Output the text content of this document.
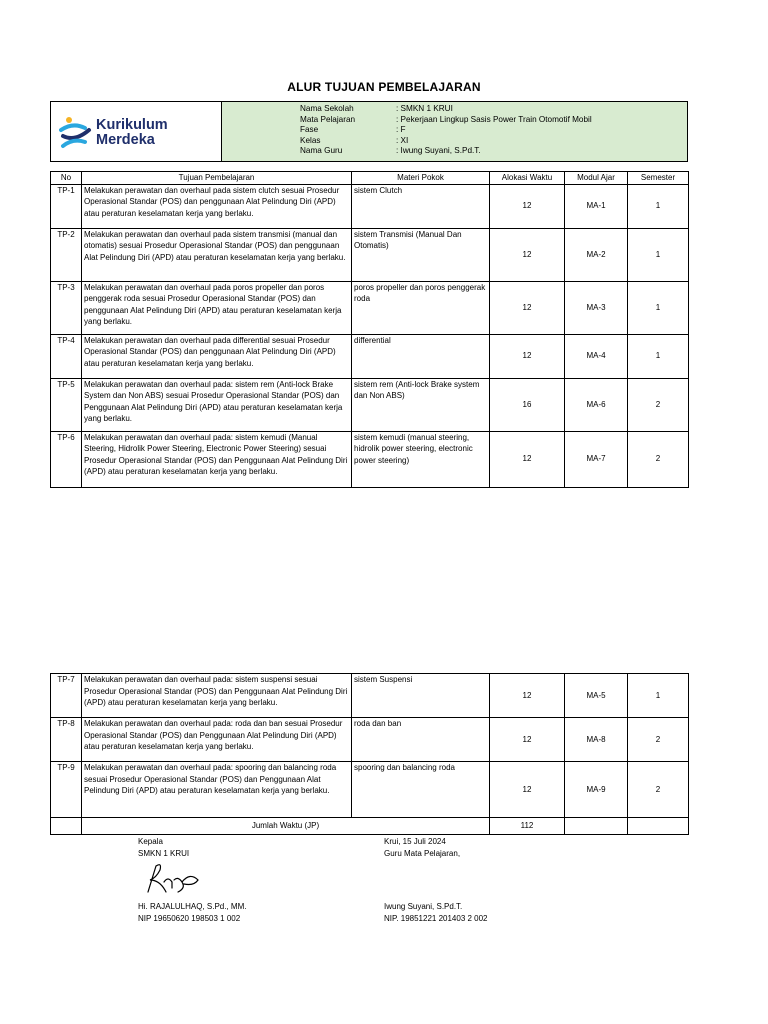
ALUR TUJUAN PEMBELAJARAN
Kurikulum
Merdeka
Nama Sekolah	: SMKN 1 KRUI
Mata Pelajaran	: Pekerjaan Lingkup Sasis Power Train Otomotif Mobil
Fase	: F
Kelas	: XI
Nama Guru	: Iwung Suyani, S.Pd.T.
No	Tujuan Pembelajaran	Materi Pokok	Alokasi Waktu	Modul Ajar	Semester
TP-1	Melakukan perawatan dan overhaul pada sistem clutch sesuai Prosedur Operasional Standar (POS) dan penggunaan Alat Pelindung Diri (APD) atau peraturan keselamatan kerja yang berlaku.	sistem Clutch	12	MA-1	1
TP-2	Melakukan perawatan dan overhaul pada sistem transmisi (manual dan otomatis) sesuai Prosedur Operasional Standar (POS) dan penggunaan Alat Pelindung Diri (APD) atau peraturan keselamatan kerja yang berlaku.	sistem Transmisi (Manual Dan Otomatis)	12	MA-2	1
TP-3	Melakukan perawatan dan overhaul pada poros propeller dan poros penggerak roda sesuai Prosedur Operasional Standar (POS) dan penggunaan Alat Pelindung Diri (APD) atau peraturan keselamatan kerja yang berlaku.	poros propeller dan poros penggerak roda	12	MA-3	1
TP-4	Melakukan perawatan dan overhaul pada differential sesuai Prosedur Operasional Standar (POS) dan penggunaan Alat Pelindung Diri (APD) atau peraturan keselamatan kerja yang berlaku.	differential	12	MA-4	1
TP-5	Melakukan perawatan dan overhaul pada: sistem rem (Anti-lock Brake System dan Non ABS) sesuai Prosedur Operasional Standar (POS) dan Penggunaan Alat Pelindung Diri (APD) atau peraturan keselamatan kerja yang berlaku.	sistem rem (Anti-lock Brake system dan Non ABS)	16	MA-6	2
TP-6	Melakukan perawatan dan overhaul pada: sistem kemudi (Manual Steering, Hidrolik Power Steering, Electronic Power Steering) sesuai Prosedur Operasional Standar (POS) dan Penggunaan Alat Pelindung Diri (APD) atau peraturan keselamatan kerja yang berlaku.	sistem kemudi (manual steering, hidrolik power steering, electronic power steering)	12	MA-7	2
TP-7	Melakukan perawatan dan overhaul pada: sistem suspensi sesuai Prosedur Operasional Standar (POS) dan Penggunaan Alat Pelindung Diri (APD) atau peraturan keselamatan kerja yang berlaku.	sistem Suspensi	12	MA-5	1
TP-8	Melakukan perawatan dan overhaul pada: roda dan ban sesuai Prosedur Operasional Standar (POS) dan Penggunaan Alat Pelindung Diri (APD) atau peraturan keselamatan kerja yang berlaku.	roda dan ban	12	MA-8	2
TP-9	Melakukan perawatan dan overhaul pada: spooring dan balancing roda sesuai Prosedur Operasional Standar (POS) dan Penggunaan Alat Pelindung Diri (APD) atau peraturan keselamatan kerja yang berlaku.	spooring dan balancing roda	12	MA-9	2
	Jumlah Waktu (JP)		112		
Kepala
SMKN 1 KRUI
Hi. RAJALULHAQ, S.Pd., MM.
NIP 19650620 198503 1 002
Krui, 15 Juli 2024
Guru Mata Pelajaran,
Iwung Suyani, S.Pd.T.
NIP. 19851221 201403 2 002
